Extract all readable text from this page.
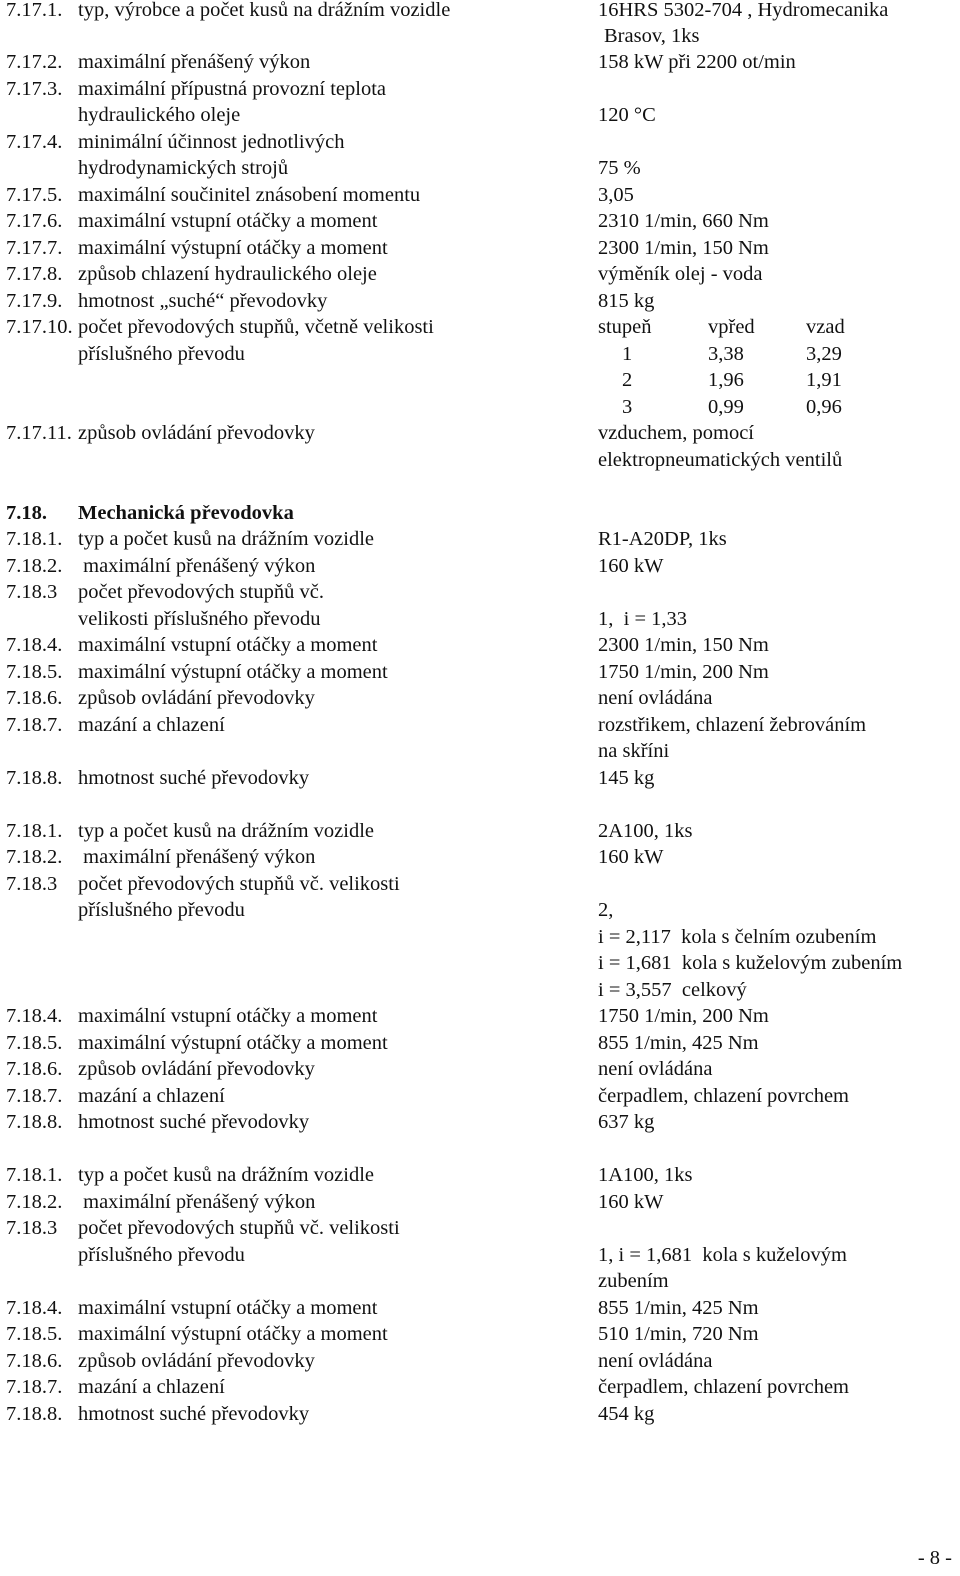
7.17.1. typ, výrobce a počet kusů na drážním vozidle	16HRS 5302-704 , Hydromecanika
Brasov, 1ks
7.17.2. maximální přenášený výkon	158 kW při 2200 ot/min
7.17.3. maximální přípustná provozní teplota
hydraulického oleje	120 °C
7.17.4. minimální účinnost jednotlivých
hydrodynamických strojů	75 %
7.17.5. maximální součinitel znásobení momentu	3,05
7.17.6. maximální vstupní otáčky a moment	2310 1/min, 660 Nm
7.17.7. maximální výstupní otáčky a moment	2300 1/min, 150 Nm
7.17.8. způsob chlazení hydraulického oleje	výměník olej - voda
7.17.9. hmotnost „suché“ převodovky	815 kg
7.17.10. počet převodových stupňů, včetně velikosti
příslušného převodu
stupeň	vpřed	vzad
1	3,38	3,29
2	1,96	1,91
3	0,99	0,96
7.17.11. způsob ovládání převodovky	vzduchem, pomocí
elektropneumatických ventilů
7.18. Mechanická převodovka
7.18.1. typ a počet kusů na drážním vozidle	R1-A20DP, 1ks
7.18.2. maximální přenášený výkon	160 kW
7.18.3 počet převodových stupňů vč.
velikosti příslušného převodu	1,  i = 1,33
7.18.4. maximální vstupní otáčky a moment	2300 1/min, 150 Nm
7.18.5. maximální výstupní otáčky a moment	1750 1/min, 200 Nm
7.18.6. způsob ovládání převodovky	není ovládána
7.18.7. mazání a chlazení	rozstřikem, chlazení žebrováním
na skříni
7.18.8. hmotnost suché převodovky	145 kg
7.18.1. typ a počet kusů na drážním vozidle	2A100, 1ks
7.18.2. maximální přenášený výkon	160 kW
7.18.3 počet převodových stupňů vč. velikosti
příslušného převodu	2,
i = 2,117  kola s čelním ozubením
i = 1,681  kola s kuželovým zubením
i = 3,557  celkový
7.18.4. maximální vstupní otáčky a moment	1750 1/min, 200 Nm
7.18.5. maximální výstupní otáčky a moment	855 1/min, 425 Nm
7.18.6. způsob ovládání převodovky	není ovládána
7.18.7. mazání a chlazení	čerpadlem, chlazení povrchem
7.18.8. hmotnost suché převodovky	637 kg
7.18.1. typ a počet kusů na drážním vozidle	1A100, 1ks
7.18.2. maximální přenášený výkon	160 kW
7.18.3 počet převodových stupňů vč. velikosti
příslušného převodu	1, i = 1,681  kola s kuželovým
zubením
7.18.4. maximální vstupní otáčky a moment	855 1/min, 425 Nm
7.18.5. maximální výstupní otáčky a moment	510 1/min, 720 Nm
7.18.6. způsob ovládání převodovky	není ovládána
7.18.7. mazání a chlazení	čerpadlem, chlazení povrchem
7.18.8. hmotnost suché převodovky	454 kg
- 8 -
